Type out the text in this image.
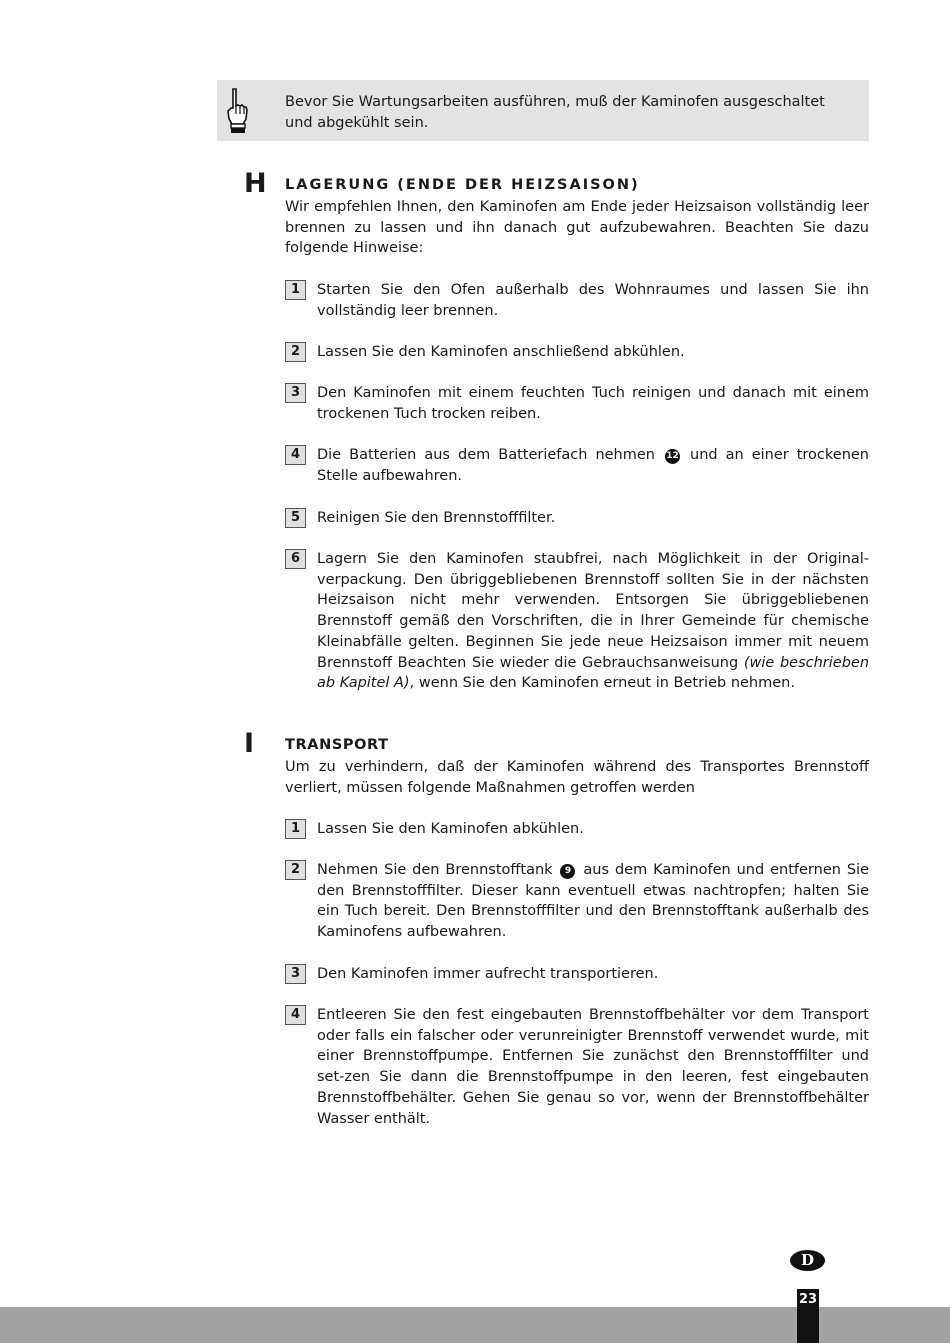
Bevor Sie Wartungsarbeiten ausführen, muß der Kaminofen ausgeschaltet und abgekühlt sein.
H LAGERUNG (ENDE DER HEIZSAISON)
Wir empfehlen Ihnen, den Kaminofen am Ende jeder Heizsaison vollständig leer brennen zu lassen und ihn danach gut aufzubewahren. Beachten Sie dazu folgende Hinweise:
1	Starten Sie den Ofen außerhalb des Wohnraumes und lassen Sie ihn vollständig leer brennen.
2	Lassen Sie den Kaminofen anschließend abkühlen.
3	Den Kaminofen mit einem feuchten Tuch reinigen und danach mit einem trockenen Tuch trocken reiben.
4	Die Batterien aus dem Batteriefach nehmen 12 und an einer trockenen Stelle aufbewahren.
5	Reinigen Sie den Brennstofffilter.
6	Lagern Sie den Kaminofen staubfrei, nach Möglichkeit in der Original-verpackung. Den übriggebliebenen Brennstoff sollten Sie in der nächsten Heizsaison nicht mehr verwenden. Entsorgen Sie übriggebliebenen Brennstoff gemäß den Vorschriften, die in Ihrer Gemeinde für chemische Kleinabfälle gelten. Beginnen Sie jede neue Heizsaison immer mit neuem Brennstoff Beachten Sie wieder die Gebrauchsanweisung (wie beschrieben ab Kapitel A), wenn Sie den Kaminofen erneut in Betrieb nehmen.
I TRANSPORT
Um zu verhindern, daß der Kaminofen während des Transportes Brennstoff verliert, müssen folgende Maßnahmen getroffen werden
1	Lassen Sie den Kaminofen abkühlen.
2	Nehmen Sie den Brennstofftank 9 aus dem Kaminofen und entfernen Sie den Brennstofffilter. Dieser kann eventuell etwas nachtropfen; halten Sie ein Tuch bereit. Den Brennstofffilter und den Brennstofftank außerhalb des Kaminofens aufbewahren.
3	Den Kaminofen immer aufrecht transportieren.
4	Entleeren Sie den fest eingebauten Brennstoffbehälter vor dem Transport oder falls ein falscher oder verunreinigter Brennstoff verwendet wurde, mit einer Brennstoffpumpe. Entfernen Sie zunächst den Brennstofffilter und set-zen Sie dann die Brennstoffpumpe in den leeren, fest eingebauten Brennstoffbehälter. Gehen Sie genau so vor, wenn der Brennstoffbehälter Wasser enthält.
D
23
